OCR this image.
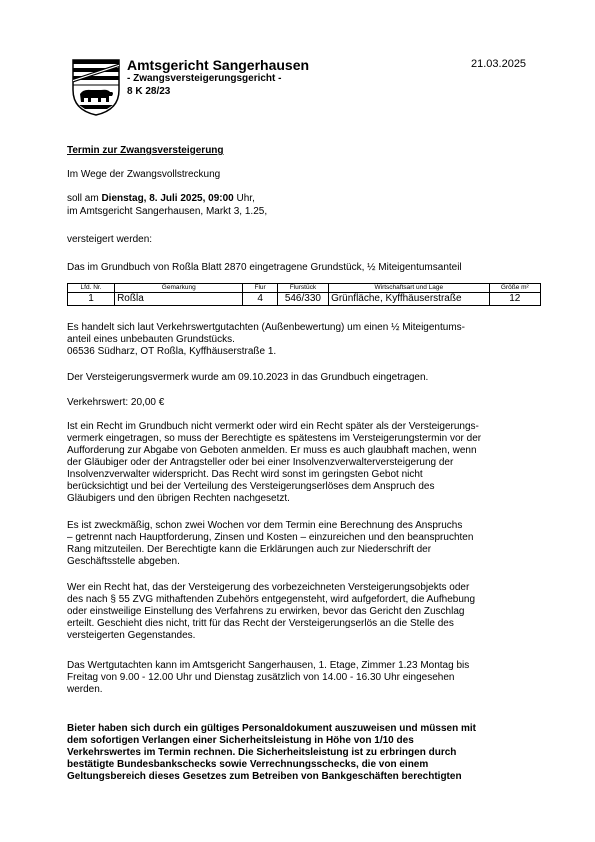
Amtsgericht Sangerhausen
- Zwangsversteigerungsgericht -
8 K 28/23
21.03.2025
Termin zur Zwangsversteigerung
Im Wege der Zwangsvollstreckung
soll am Dienstag, 8. Juli 2025, 09:00 Uhr,
im Amtsgericht Sangerhausen, Markt 3, 1.25,
versteigert werden:
Das im Grundbuch von Roßla Blatt 2870 eingetragene Grundstück, ½ Miteigentumsanteil
Lfd. Nr.	Gemarkung	Flur	Flurstück	Wirtschaftsart und Lage	Größe m²
1	Roßla	4	546/330	Grünfläche, Kyffhäuserstraße	12
Es handelt sich laut Verkehrswertgutachten (Außenbewertung) um einen ½ Miteigentums-
anteil eines unbebauten Grundstücks.
06536 Südharz, OT Roßla, Kyffhäuserstraße 1.
Der Versteigerungsvermerk wurde am 09.10.2023 in das Grundbuch eingetragen.
Verkehrswert: 20,00 €
Ist ein Recht im Grundbuch nicht vermerkt oder wird ein Recht später als der Versteigerungs-
vermerk eingetragen, so muss der Berechtigte es spätestens im Versteigerungstermin vor der
Aufforderung zur Abgabe von Geboten anmelden. Er muss es auch glaubhaft machen, wenn
der Gläubiger oder der Antragsteller oder bei einer Insolvenzverwalterversteigerung der
Insolvenzverwalter widerspricht. Das Recht wird sonst im geringsten Gebot nicht
berücksichtigt und bei der Verteilung des Versteigerungserlöses dem Anspruch des
Gläubigers und den übrigen Rechten nachgesetzt.
Es ist zweckmäßig, schon zwei Wochen vor dem Termin eine Berechnung des Anspruchs
– getrennt nach Hauptforderung, Zinsen und Kosten – einzureichen und den beanspruchten
Rang mitzuteilen. Der Berechtigte kann die Erklärungen auch zur Niederschrift der
Geschäftsstelle abgeben.
Wer ein Recht hat, das der Versteigerung des vorbezeichneten Versteigerungsobjekts oder
des nach § 55 ZVG mithaftenden Zubehörs entgegensteht, wird aufgefordert, die Aufhebung
oder einstweilige Einstellung des Verfahrens zu erwirken, bevor das Gericht den Zuschlag
erteilt. Geschieht dies nicht, tritt für das Recht der Versteigerungserlös an die Stelle des
versteigerten Gegenstandes.
Das Wertgutachten kann im Amtsgericht Sangerhausen, 1. Etage, Zimmer 1.23 Montag bis
Freitag von 9.00 - 12.00 Uhr und Dienstag zusätzlich von 14.00 - 16.30 Uhr eingesehen
werden.
Bieter haben sich durch ein gültiges Personaldokument auszuweisen und müssen mit
dem sofortigen Verlangen einer Sicherheitsleistung in Höhe von 1/10 des
Verkehrswertes im Termin rechnen. Die Sicherheitsleistung ist zu erbringen durch
bestätigte Bundesbankschecks sowie Verrechnungsschecks, die von einem
Geltungsbereich dieses Gesetzes zum Betreiben von Bankgeschäften berechtigten
